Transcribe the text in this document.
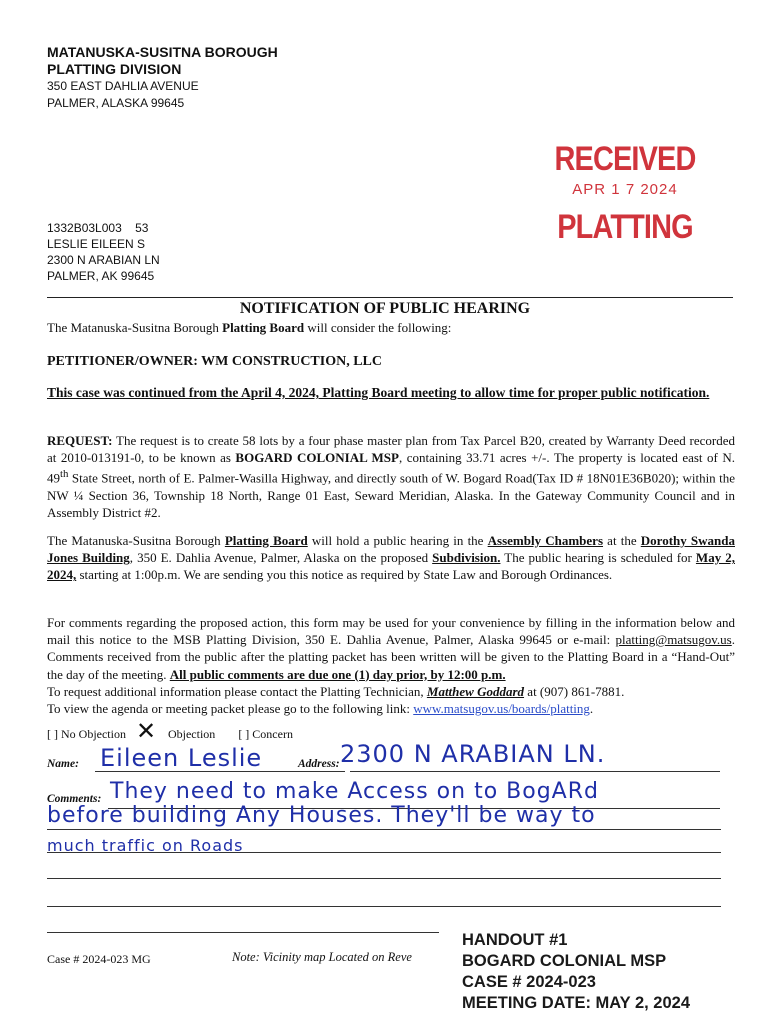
MATANUSKA-SUSITNA BOROUGH
PLATTING DIVISION
350 EAST DAHLIA AVENUE
PALMER, ALASKA 99645
RECEIVED
APR 1 7 2024
PLATTING
1332B03L003    53
LESLIE EILEEN S
2300 N ARABIAN LN
PALMER, AK 99645
NOTIFICATION OF PUBLIC HEARING
The Matanuska-Susitna Borough Platting Board will consider the following:
PETITIONER/OWNER: WM CONSTRUCTION, LLC
This case was continued from the April 4, 2024, Platting Board meeting to allow time for proper public notification.
REQUEST: The request is to create 58 lots by a four phase master plan from Tax Parcel B20, created by Warranty Deed recorded at 2010-013191-0, to be known as BOGARD COLONIAL MSP, containing 33.71 acres +/-. The property is located east of N. 49th State Street, north of E. Palmer-Wasilla Highway, and directly south of W. Bogard Road(Tax ID # 18N01E36B020); within the NW ¼ Section 36, Township 18 North, Range 01 East, Seward Meridian, Alaska. In the Gateway Community Council and in Assembly District #2.
The Matanuska-Susitna Borough Platting Board will hold a public hearing in the Assembly Chambers at the Dorothy Swanda Jones Building, 350 E. Dahlia Avenue, Palmer, Alaska on the proposed Subdivision. The public hearing is scheduled for May 2, 2024, starting at 1:00p.m. We are sending you this notice as required by State Law and Borough Ordinances.
For comments regarding the proposed action, this form may be used for your convenience by filling in the information below and mail this notice to the MSB Platting Division, 350 E. Dahlia Avenue, Palmer, Alaska 99645 or e-mail: platting@matsugov.us. Comments received from the public after the platting packet has been written will be given to the Platting Board in a “Hand-Out” the day of the meeting. All public comments are due one (1) day prior, by 12:00 p.m.
To request additional information please contact the Platting Technician, Matthew Goddard at (907) 861-7881.
To view the agenda or meeting packet please go to the following link: www.matsugov.us/boards/platting.
[ ] No Objection ✕ Objection [ ] Concern
Name: Eileen Leslie	Address: 2300 N ARABIAN LN.
Comments: They need to make Access on to BogARd
before building Any Houses. They'll be way to
much traffic on Roads
Case # 2024-023 MG	Note: Vicinity map Located on Reve
HANDOUT #1
BOGARD COLONIAL MSP
CASE # 2024-023
MEETING DATE: MAY 2, 2024
